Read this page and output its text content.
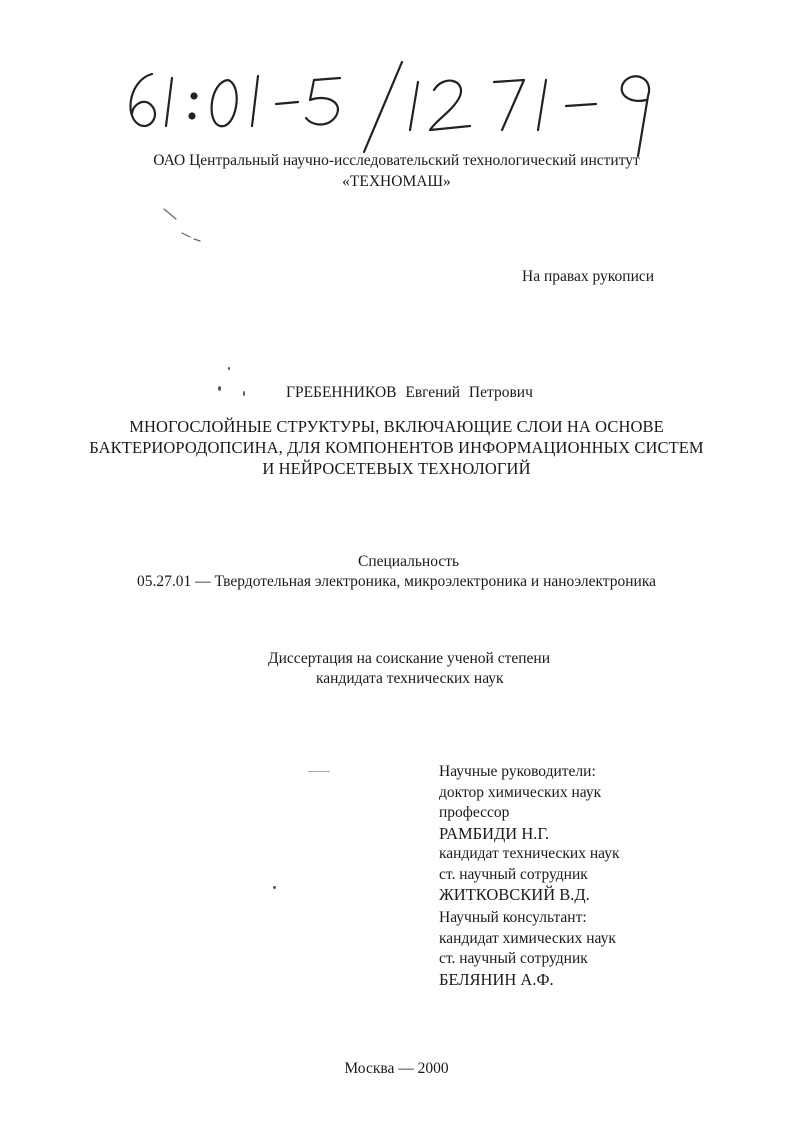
ОАО Центральный научно-исследовательский технологический институт
«ТЕХНОМАШ»
На правах рукописи
ГРЕБЕННИКОВ Евгений Петрович
МНОГОСЛОЙНЫЕ СТРУКТУРЫ, ВКЛЮЧАЮЩИЕ СЛОИ НА ОСНОВЕ
БАКТЕРИОРОДОПСИНА, ДЛЯ КОМПОНЕНТОВ ИНФОРМАЦИОННЫХ СИСТЕМ
И НЕЙРОСЕТЕВЫХ ТЕХНОЛОГИЙ
Специальность
05.27.01 — Твердотельная электроника, микроэлектроника и наноэлектроника
Диссертация на соискание ученой степени
кандидата технических наук
Научные руководители:
доктор химических наук
профессор
РАМБИДИ Н.Г.
кандидат технических наук
ст. научный сотрудник
ЖИТКОВСКИЙ В.Д.
Научный консультант:
кандидат химических наук
ст. научный сотрудник
БЕЛЯНИН А.Ф.
Москва — 2000
